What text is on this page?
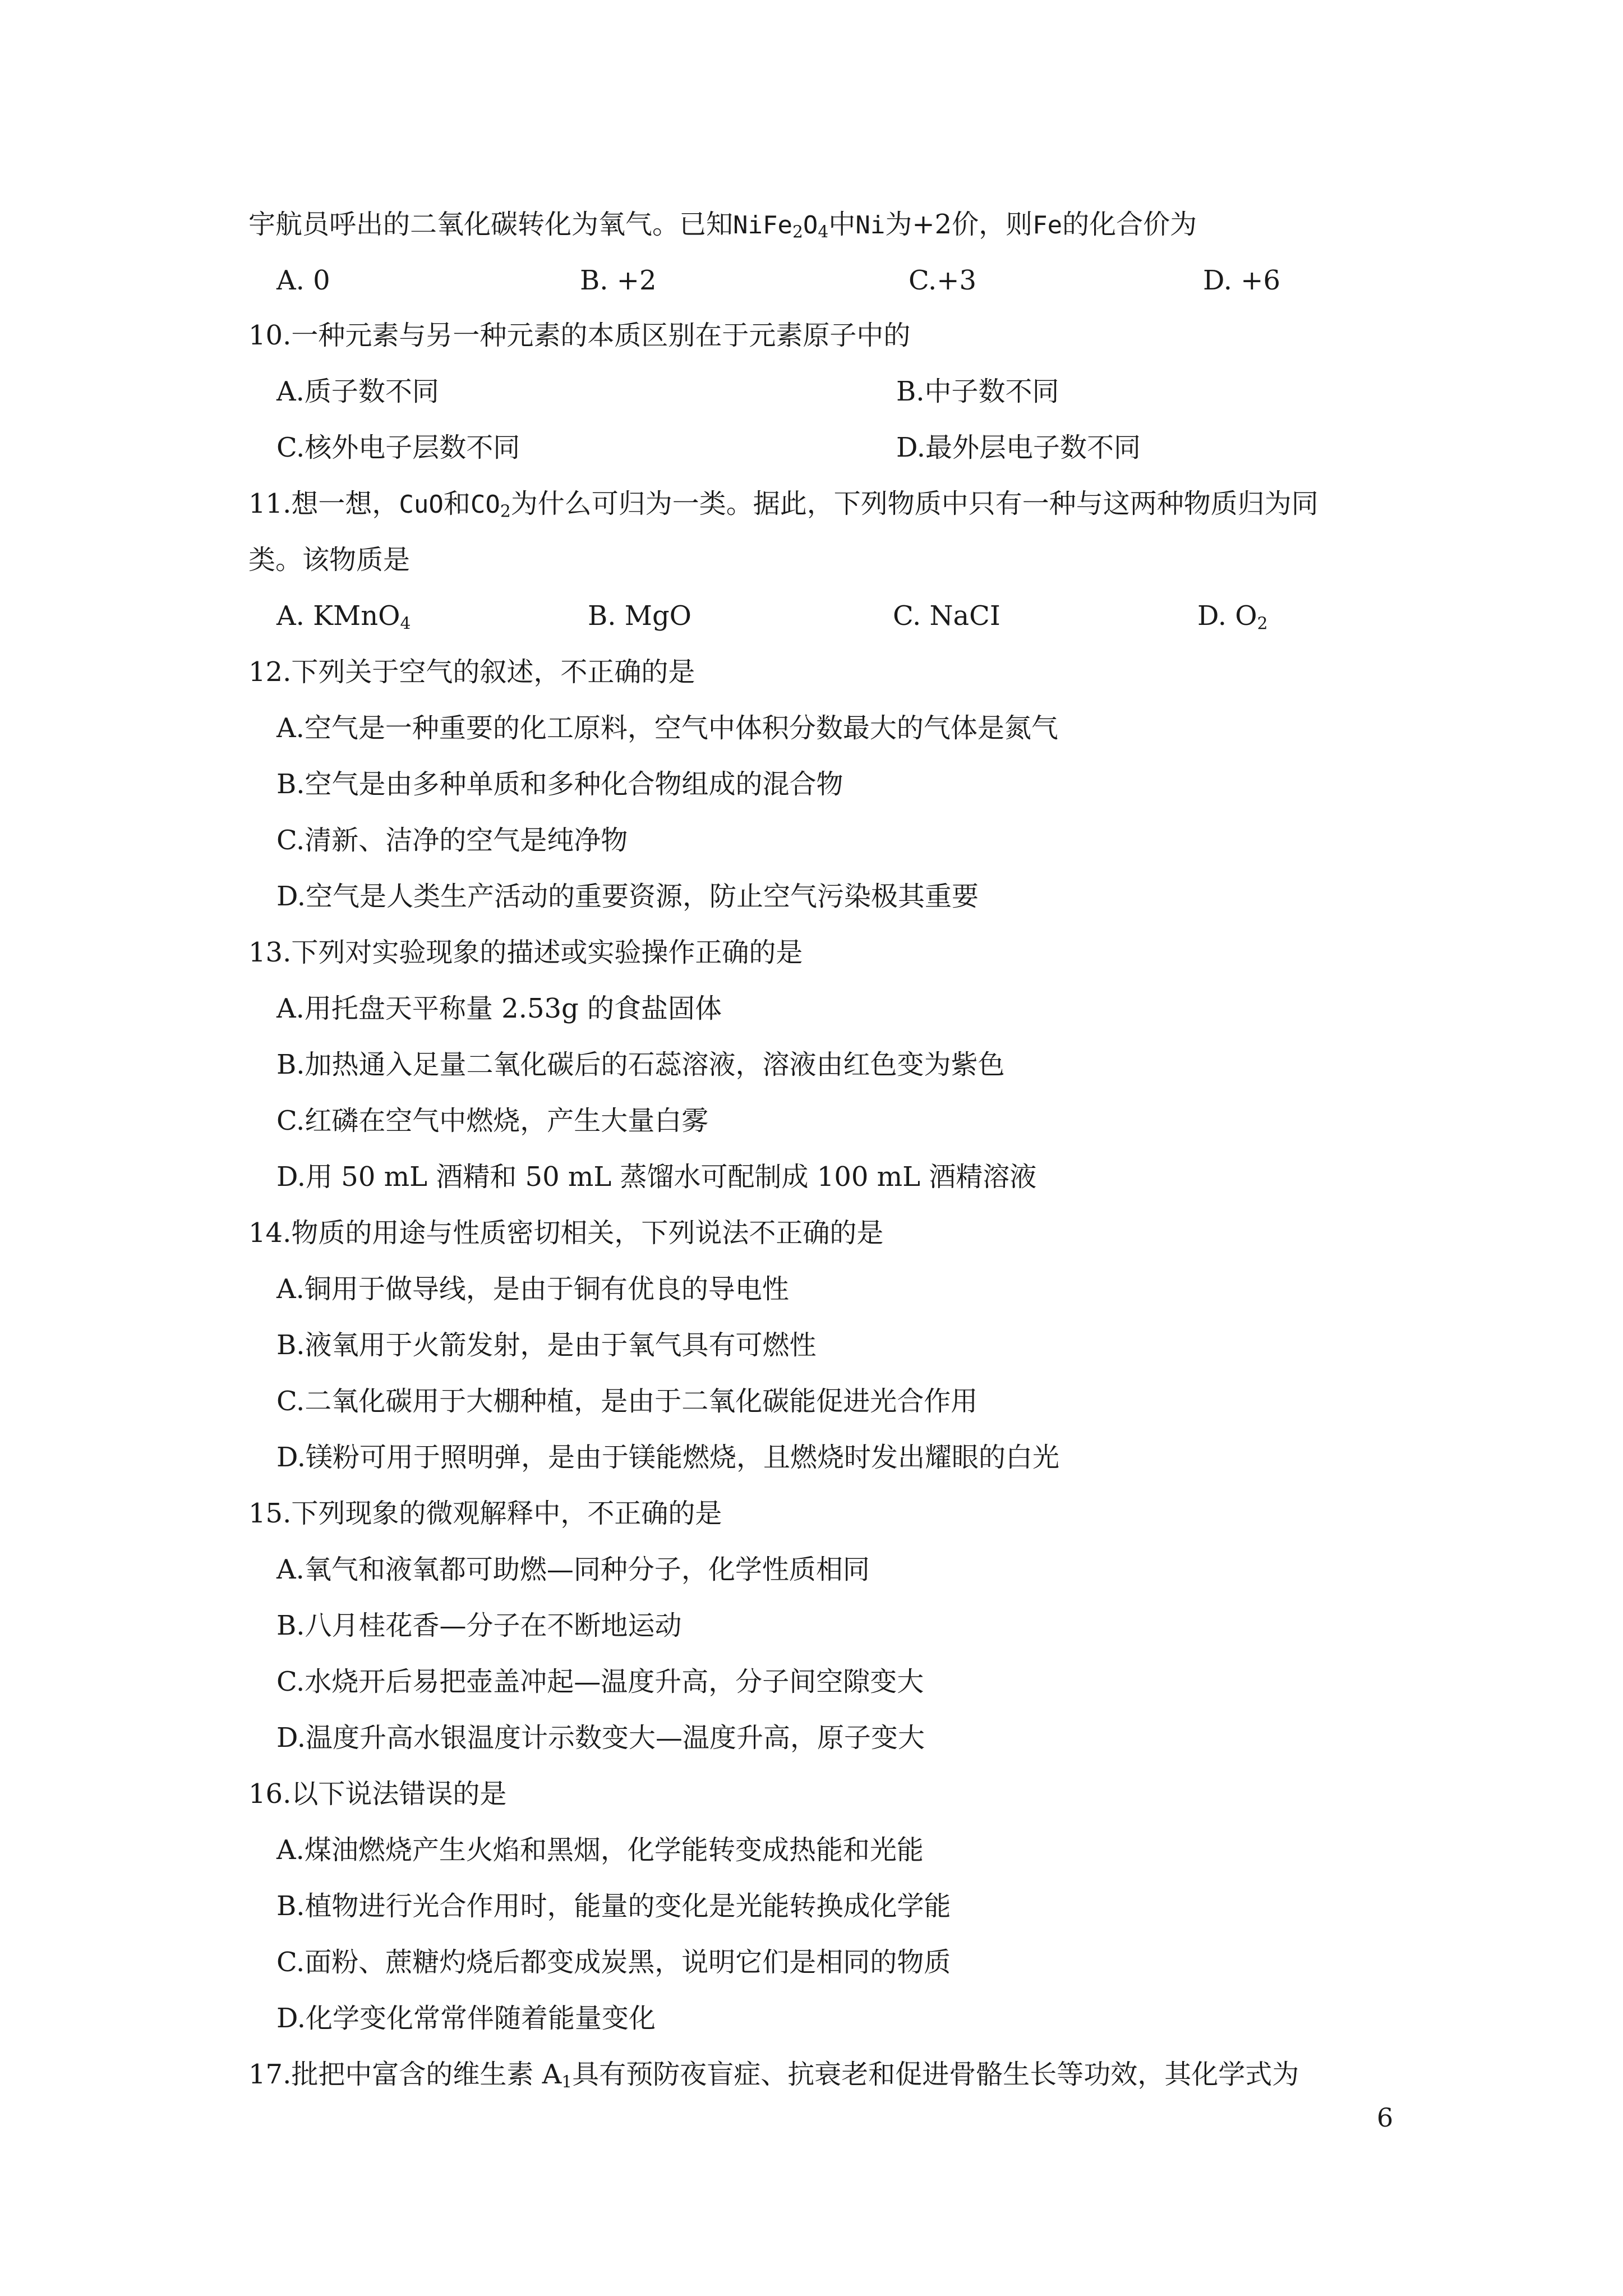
宇航员呼出的二氧化碳转化为氧气。已知$NiFe_2O_4$中Ni为+2价，则Fe的化合价为
A. 0	B. +2	C.+3	D. +6
10.一种元素与另一种元素的本质区别在于元素原子中的
A.质子数不同	B.中子数不同
C.核外电子层数不同	D.最外层电子数不同
11.想一想，CuO和$CO_2$为什么可归为一类。据此，下列物质中只有一种与这两种物质归为同
类。该物质是
A. KMnO$_4$	B. MgO	C. NaCI	D. $O_2$
12.下列关于空气的叙述，不正确的是
A.空气是一种重要的化工原料，空气中体积分数最大的气体是氮气
B.空气是由多种单质和多种化合物组成的混合物
C.清新、洁净的空气是纯净物
D.空气是人类生产活动的重要资源，防止空气污染极其重要
13.下列对实验现象的描述或实验操作正确的是
A.用托盘天平称量 2.53g 的食盐固体
B.加热通入足量二氧化碳后的石蕊溶液，溶液由红色变为紫色
C.红磷在空气中燃烧，产生大量白雾
D.用 50 mL 酒精和 50 mL 蒸馏水可配制成 100 mL 酒精溶液
14.物质的用途与性质密切相关，下列说法不正确的是
A.铜用于做导线，是由于铜有优良的导电性
B.液氧用于火箭发射，是由于氧气具有可燃性
C.二氧化碳用于大棚种植，是由于二氧化碳能促进光合作用
D.镁粉可用于照明弹，是由于镁能燃烧，且燃烧时发出耀眼的白光
15.下列现象的微观解释中，不正确的是
A.氧气和液氧都可助燃—同种分子，化学性质相同
B.八月桂花香—分子在不断地运动
C.水烧开后易把壶盖冲起—温度升高，分子间空隙变大
D.温度升高水银温度计示数变大—温度升高，原子变大
16.以下说法错误的是
A.煤油燃烧产生火焰和黑烟，化学能转变成热能和光能
B.植物进行光合作用时，能量的变化是光能转换成化学能
C.面粉、蔗糖灼烧后都变成炭黑，说明它们是相同的物质
D.化学变化常常伴随着能量变化
17.批把中富含的维生素 $A_1$具有预防夜盲症、抗衰老和促进骨骼生长等功效，其化学式为
6
